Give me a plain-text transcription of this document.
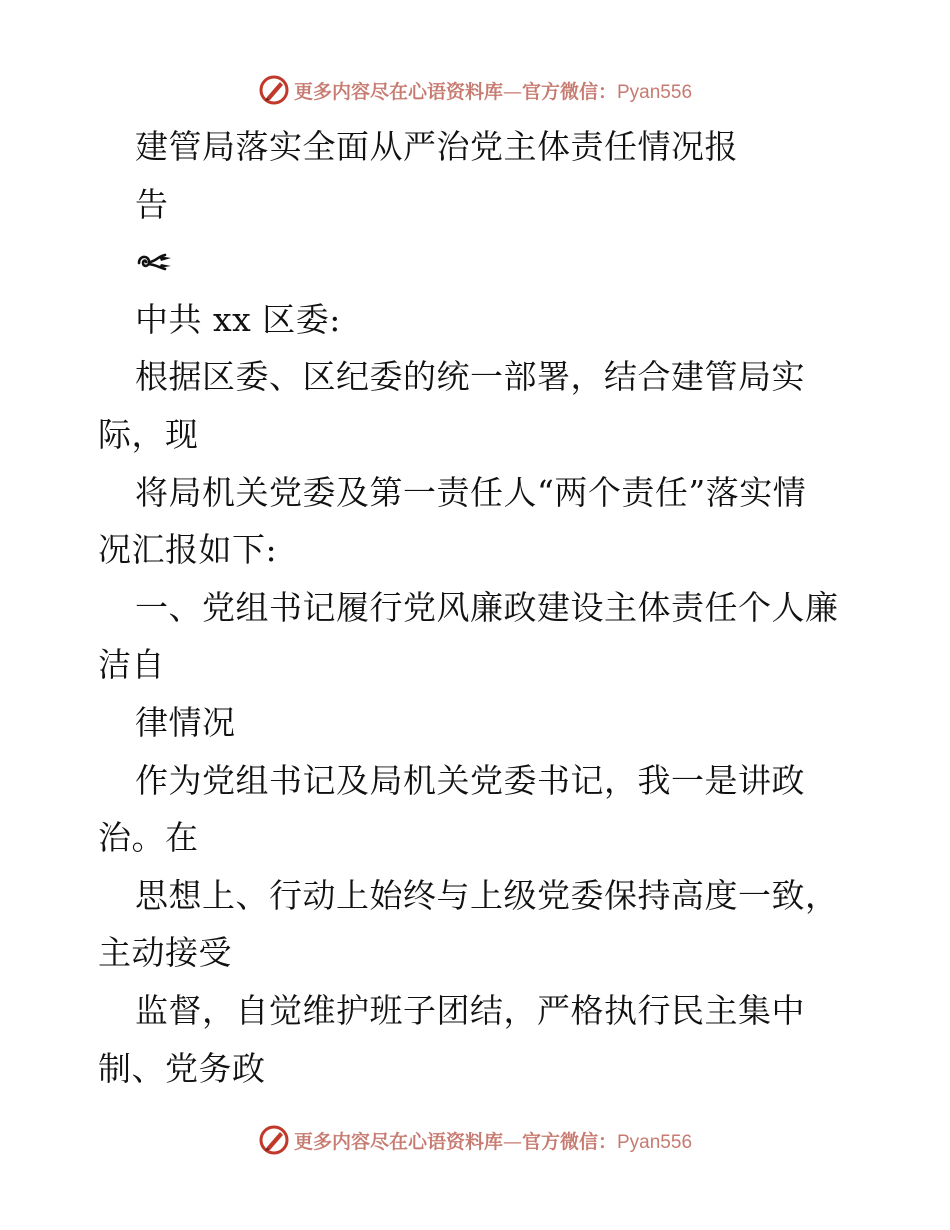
更多内容尽在心语资料库—官方微信：Pyan556
建管局落实全面从严治党主体责任情况报
告
中共 xx 区委:
根据区委、区纪委的统一部署，结合建管局实
际，现
将局机关党委及第一责任人“两个责任”落实情
况汇报如下:
一、党组书记履行党风廉政建设主体责任个人廉
洁自
律情况
作为党组书记及局机关党委书记，我一是讲政
治。在
思想上、行动上始终与上级党委保持高度一致，
主动接受
监督，自觉维护班子团结，严格执行民主集中
制、党务政
更多内容尽在心语资料库—官方微信：Pyan556
